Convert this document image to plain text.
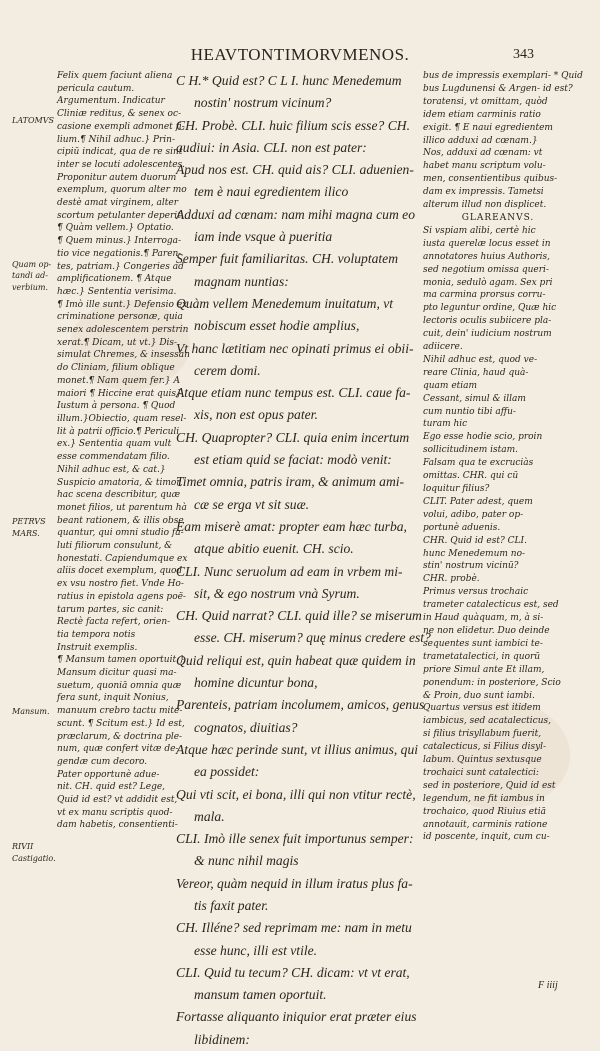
HEAVTONTIMORVMENOS.	343

LATOMVS

Quam op-

tandi ad-

verbium.

PETRVS

MARS.

Mansum.

RIVII

Castigatio.

Felix quem faciunt aliena

pericula cautum.

Argumentum. Indicatur

Cliniæ reditus, & senex oc-

casione exempli admonet fi-

lium.¶ Nihil adhuc.} Prin-

cipiū indicat, qua de re sint

inter se locuti adolescentes.

Proponitur autem duorum

exemplum, quorum alter mo

destè amat virginem, alter

scortum petulanter deperit.

¶ Quàm vellem.} Optatio.

¶ Quem minus.} Interroga-

tio vice negationis.¶ Paren-

tes, patriam.} Congeries ad

amplificationem. ¶ Atque

hæc.} Sententia verisima.

¶ Imò ille sunt.} Defensio ex

criminatione personæ, quia

senex adolescentem perstrin

xerat.¶ Dicam, ut vt.} Dis-

simulat Chremes, & insessàn

do Cliniam, filium oblique

monet.¶ Nam quem fer.} A

maiori ¶ Hiccine erat quis}

Iustum à persona. ¶ Quod

illum.}Obiectio, quam resel-

lit à patrii officio.¶ Periculi

ex.} Sententia quam vult

esse commendatam filio.

Nihil adhuc est, & cat.}

Suspicio amatoria, & timor,

hac scena describitur, quæ

monet filios, ut parentum hà

beant rationem, & illis obse

quantur, qui omni studio fa-

luti filiorum consulunt, &

honestati. Capiendumque ex

aliis docet exemplum, quod

ex vsu nostro fiet. Vnde Ho-

ratius in epistola agens poë-

tarum partes, sic canit:

Rectè facta refert, orien-

tia tempora notis

Instruit exemplis.

¶ Mansum tamen oportuit.}

Mansum dicitur quasi ma-

suetum, quoniā omnia quæ

fera sunt, inquit Nonius,

manuum crebro tactu mite-

scunt. ¶ Scitum est.} Id est,

præclarum, & doctrina ple-

num, quæ confert vitæ de-

gendæ cum decoro.

Pater opportunè adue-

nit. CH. quid est? Lege,

Quid id est? vt addidit est,

vt ex manu scriptis quod-

dam habetis, consentienti-

C H.* Quid est? C L I. hunc Menedemum

nostin' nostrum vicinum?

CH. Probè. CLI. huic filium scis esse? CH.

audiui: in Asia. CLI. non est pater:

Apud nos est. CH. quid ais? CLI. aduenien-

tem è naui egredientem ilico

Adduxi ad cœnam: nam mihi magna cum eo

iam inde vsque à pueritia

Semper fuit familiaritas. CH. voluptatem

magnam nuntias:

Quàm vellem Menedemum inuitatum, vt

nobiscum esset hodie amplius,

Vt hanc lætitiam nec opinati primus ei obii-

cerem domi.

Atque etiam nunc tempus est. CLI. caue fa-

xis, non est opus pater.

CH. Quapropter? CLI. quia enim incertum

est etiam quid se faciat: modò venit:

Timet omnia, patris iram, & animum ami-

cæ se erga vt sit suæ.

Eam miserè amat: propter eam hæc turba,

atque abitio euenit. CH. scio.

CLI. Nunc seruolum ad eam in vrbem mi-

sit, & ego nostrum vnà Syrum.

CH. Quid narrat? CLI. quid ille? se miserum

esse. CH. miserum? quę minus credere est?

Quid reliqui est, quin habeat quæ quidem in

homine dicuntur bona,

Parenteis, patriam incolumem, amicos, genus

cognatos, diuitias?

Atque hæc perinde sunt, vt illius animus, qui

ea possidet:

Qui vti scit, ei bona, illi qui non vtitur rectè,

mala.

CLI. Imò ille senex fuit importunus semper:

& nunc nihil magis

Vereor, quàm nequid in illum iratus plus fa-

tis faxit pater.

CH. Illéne? sed reprimam me: nam in metu

esse hunc, illi est vtile.

CLI. Quid tu tecum? CH. dicam: vt vt erat,

mansum tamen oportuit.

Fortasse aliquanto iniquior erat præter eius

libidinem:

bus de impressis exemplari- * Quid

bus Lugdunensi & Argen- id est?

toratensi, vt omittam, quòd

idem etiam carminis ratio

exigit. ¶ E naui egredientem

illico adduxi ad cœnam.}

Nos, adduxi ad cœnam: vt

habet manu scriptum volu-

men, consentientibus quibus-

dam ex impressis. Tametsi

alterum illud non displicet.

GLAREANVS.

Si vspiam alibi, certè hic

iusta querelæ locus esset in

annotatores huius Authoris,

sed negotium omissa queri-

monia, sedulò agam. Sex pri

ma carmina prorsus corru-

pto leguntur ordine, Quæ hic

lectoris oculis subiicere pla-

cuit, dein' iudicium nostrum

adiicere.

Nihil adhuc est, quod ve-

reare Clinia, haud quà-

quam etiam

Cessant, simul & illam

cum nuntio tibi affu-

turam hic

Ego esse hodie scio, proin

sollicitudinem istam.

Falsam qua te excruciàs

omittas. CHR. qui cū

loquitur filius?

CLIT. Pater adest, quem

volui, adibo, pater op-

portunè aduenis.

CHR. Quid id est? CLI.

hunc Menedemum no-

stin' nostrum vicinū?

CHR. probè.

Primus versus trochaic

trameter catalecticus est, sed

in Haud quàquam, m, à si-

ne non elidetur. Duo deinde

sequentes sunt iambici te-

trametatalectici, in quorū

priore Simul ante Et illam,

ponendum: in posteriore, Scio

& Proin, duo sunt iambi.

Quartus versus est itidem

iambicus, sed acatalecticus,

si filius trisyllabum fuerit,

catalecticus, si Filius disyl-

labum. Quintus sextusque

trochaici sunt catalectici:

sed in posteriore, Quid id est

legendum, ne fit iambus in

trochaico, quod Riuius etiā

annotauit, carminis ratione

id poscente, inquit, cum cu-

F iiij
